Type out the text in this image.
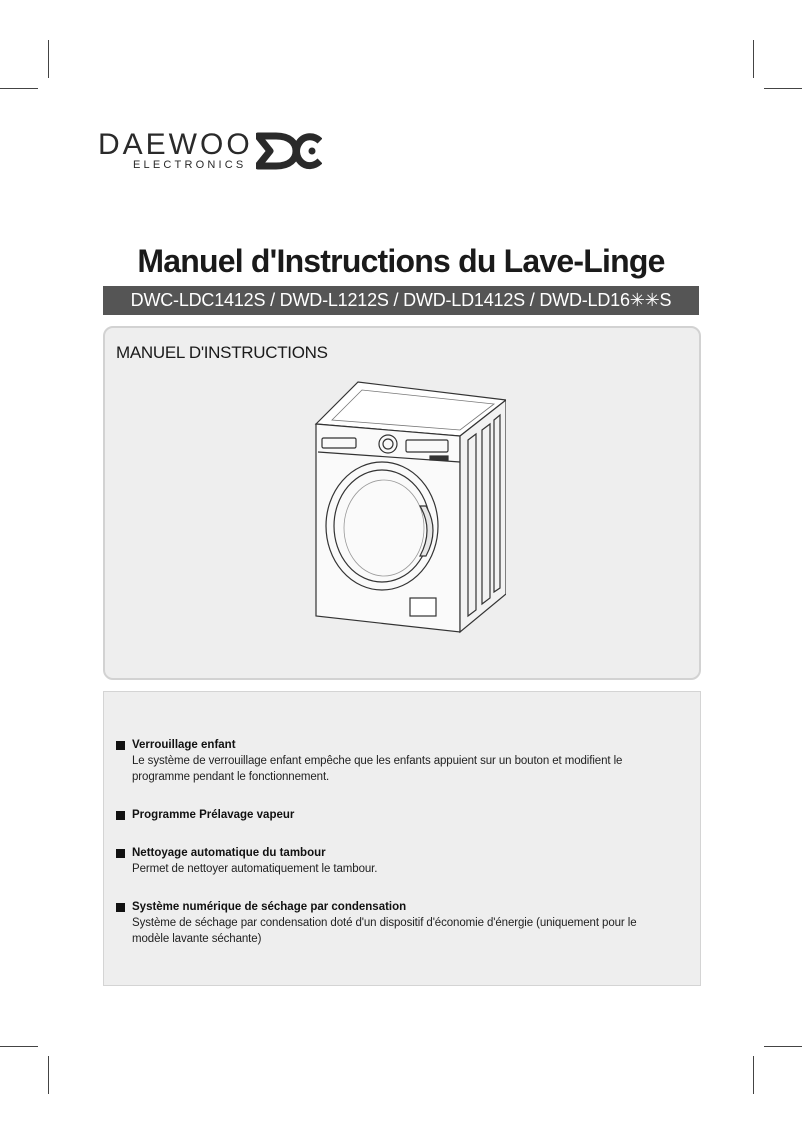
DAEWOO
ELECTRONICS
Manuel d'Instructions du Lave-Linge
DWC-LDC1412S / DWD-L1212S / DWD-LD1412S / DWD-LD16✳✳S
MANUEL D'INSTRUCTIONS
Verrouillage enfant
Le système de verrouillage enfant empêche que les enfants appuient sur un bouton et modifient le programme pendant le fonctionnement.
Programme Prélavage vapeur
Nettoyage automatique du tambour
Permet de nettoyer automatiquement le tambour.
Système numérique de séchage par condensation
Système de séchage par condensation doté d'un dispositif d'économie d'énergie (uniquement pour le modèle lavante séchante)
